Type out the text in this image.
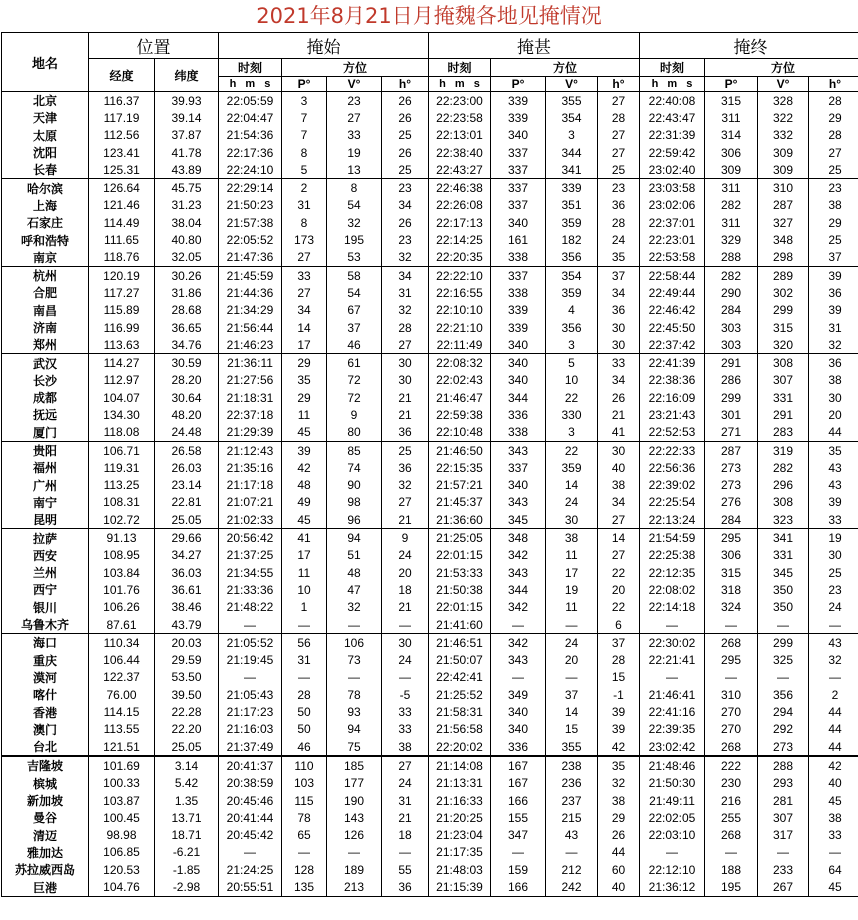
2021年8月21日月掩魏各地见掩情况
地名	位置		掩始				掩甚				掩终			
	经度	纬度	时刻	方位			时刻	方位			时刻	方位		
			h m s	P°	V°	h°	h m s	P°	V°	h°	h m s	P°	V°	h°
北京	116.37	39.93	22:05:59	3	23	26	22:23:00	339	355	27	22:40:08	315	328	28
天津	117.19	39.14	22:04:47	7	27	26	22:23:58	339	354	28	22:43:47	311	322	29
太原	112.56	37.87	21:54:36	7	33	25	22:13:01	340	3	27	22:31:39	314	332	28
沈阳	123.41	41.78	22:17:36	8	19	26	22:38:40	337	344	27	22:59:42	306	309	27
长春	125.31	43.89	22:24:10	5	13	25	22:43:27	337	341	25	23:02:40	309	309	25
哈尔滨	126.64	45.75	22:29:14	2	8	23	22:46:38	337	339	23	23:03:58	311	310	23
上海	121.46	31.23	21:50:23	31	54	34	22:26:08	337	351	36	23:02:06	282	287	38
石家庄	114.49	38.04	21:57:38	8	32	26	22:17:13	340	359	28	22:37:01	311	327	29
呼和浩特	111.65	40.80	22:05:52	173	195	23	22:14:25	161	182	24	22:23:01	329	348	25
南京	118.76	32.05	21:47:36	27	53	32	22:20:35	338	356	35	22:53:58	288	298	37
杭州	120.19	30.26	21:45:59	33	58	34	22:22:10	337	354	37	22:58:44	282	289	39
合肥	117.27	31.86	21:44:36	27	54	31	22:16:55	338	359	34	22:49:44	290	302	36
南昌	115.89	28.68	21:34:29	34	67	32	22:10:10	339	4	36	22:46:42	284	299	39
济南	116.99	36.65	21:56:44	14	37	28	22:21:10	339	356	30	22:45:50	303	315	31
郑州	113.63	34.76	21:46:23	17	46	27	22:11:49	340	3	30	22:37:42	303	320	32
武汉	114.27	30.59	21:36:11	29	61	30	22:08:32	340	5	33	22:41:39	291	308	36
长沙	112.97	28.20	21:27:56	35	72	30	22:02:43	340	10	34	22:38:36	286	307	38
成都	104.07	30.64	21:18:31	29	72	21	21:46:47	344	22	26	22:16:09	299	331	30
抚远	134.30	48.20	22:37:18	11	9	21	22:59:38	336	330	21	23:21:43	301	291	20
厦门	118.08	24.48	21:29:39	45	80	36	22:10:48	338	3	41	22:52:53	271	283	44
贵阳	106.71	26.58	21:12:43	39	85	25	21:46:50	343	22	30	22:22:33	287	319	35
福州	119.31	26.03	21:35:16	42	74	36	22:15:35	337	359	40	22:56:36	273	282	43
广州	113.25	23.14	21:17:18	48	90	32	21:57:21	340	14	38	22:39:02	273	296	43
南宁	108.31	22.81	21:07:21	49	98	27	21:45:37	343	24	34	22:25:54	276	308	39
昆明	102.72	25.05	21:02:33	45	96	21	21:36:60	345	30	27	22:13:24	284	323	33
拉萨	91.13	29.66	20:56:42	41	94	9	21:25:05	348	38	14	21:54:59	295	341	19
西安	108.95	34.27	21:37:25	17	51	24	22:01:15	342	11	27	22:25:38	306	331	30
兰州	103.84	36.03	21:34:55	11	48	20	21:53:33	343	17	22	22:12:35	315	345	25
西宁	101.76	36.61	21:33:36	10	47	18	21:50:38	344	19	20	22:08:02	318	350	23
银川	106.26	38.46	21:48:22	1	32	21	22:01:15	342	11	22	22:14:18	324	350	24
乌鲁木齐	87.61	43.79	—	—	—	—	21:41:60	—	—	6	—	—	—	—
海口	110.34	20.03	21:05:52	56	106	30	21:46:51	342	24	37	22:30:02	268	299	43
重庆	106.44	29.59	21:19:45	31	73	24	21:50:07	343	20	28	22:21:41	295	325	32
漠河	122.37	53.50	—	—	—	—	22:42:41	—	—	15	—	—	—	—
喀什	76.00	39.50	21:05:43	28	78	-5	21:25:52	349	37	-1	21:46:41	310	356	2
香港	114.15	22.28	21:17:23	50	93	33	21:58:31	340	14	39	22:41:16	270	294	44
澳门	113.55	22.20	21:16:03	50	94	33	21:56:58	340	15	39	22:39:35	270	292	44
台北	121.51	25.05	21:37:49	46	75	38	22:20:02	336	355	42	23:02:42	268	273	44
吉隆坡	101.69	3.14	20:41:37	110	185	27	21:14:08	167	238	35	21:48:46	222	288	42
槟城	100.33	5.42	20:38:59	103	177	24	21:13:31	167	236	32	21:50:30	230	293	40
新加坡	103.87	1.35	20:45:46	115	190	31	21:16:33	166	237	38	21:49:11	216	281	45
曼谷	100.45	13.71	20:41:44	78	143	21	21:20:25	155	215	29	22:02:05	255	307	38
清迈	98.98	18.71	20:45:42	65	126	18	21:23:04	347	43	26	22:03:10	268	317	33
雅加达	106.85	-6.21	—	—	—	—	21:17:35	—	—	44	—	—	—	—
苏拉威西岛	120.53	-1.85	21:24:25	128	189	55	21:48:03	159	212	60	22:12:10	188	233	64
巨港	104.76	-2.98	20:55:51	135	213	36	21:15:39	166	242	40	21:36:12	195	267	45
